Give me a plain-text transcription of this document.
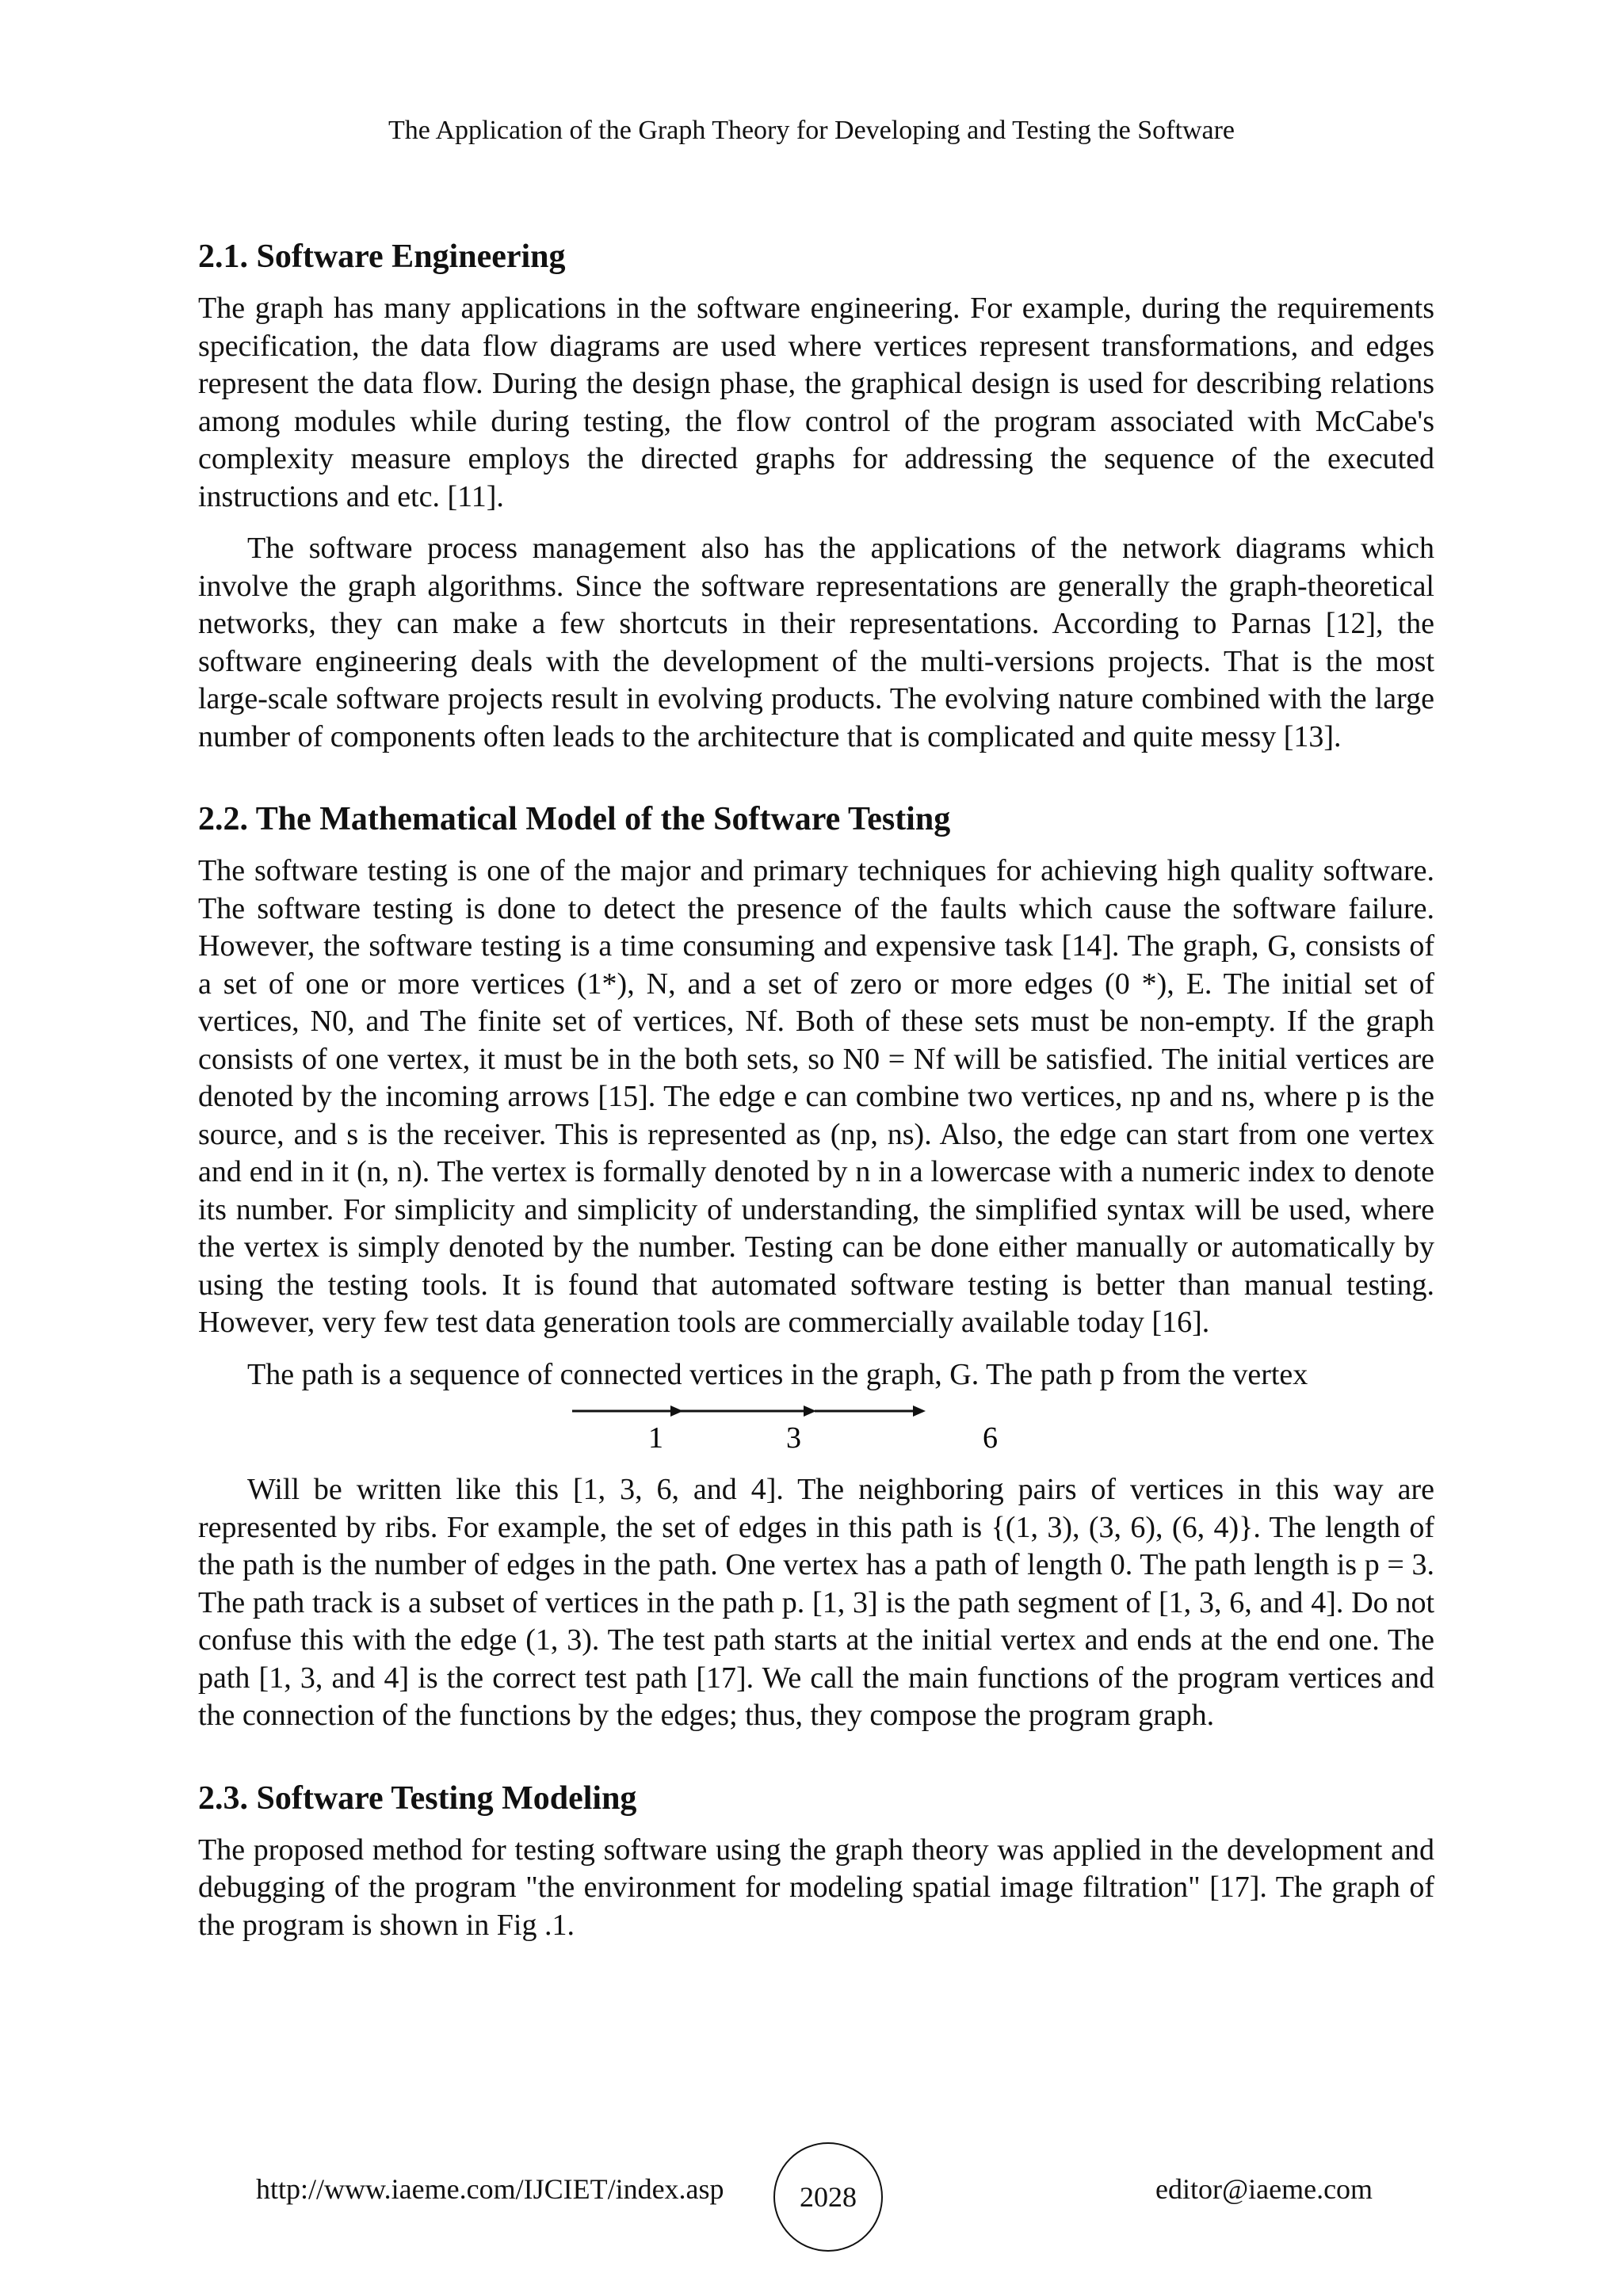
The Application of the Graph Theory for Developing and Testing the Software
2.1. Software Engineering

The graph has many applications in the software engineering. For example, during the requirements specification, the data flow diagrams are used where vertices represent transformations, and edges represent the data flow. During the design phase, the graphical design is used for describing relations among modules while during testing, the flow control of the program associated with McCabe's complexity measure employs the directed graphs for addressing the sequence of the executed instructions and etc. [11].

The software process management also has the applications of the network diagrams which involve the graph algorithms. Since the software representations are generally the graph-theoretical networks, they can make a few shortcuts in their representations. According to Parnas [12], the software engineering deals with the development of the multi-versions projects. That is the most large-scale software projects result in evolving products. The evolving nature combined with the large number of components often leads to the architecture that is complicated and quite messy [13].

2.2. The Mathematical Model of the Software Testing

The software testing is one of the major and primary techniques for achieving high quality software. The software testing is done to detect the presence of the faults which cause the software failure. However, the software testing is a time consuming and expensive task [14]. The graph, G, consists of a set of one or more vertices (1*), N, and a set of zero or more edges (0 *), E. The initial set of vertices, N0, and The finite set of vertices, Nf. Both of these sets must be non-empty. If the graph consists of one vertex, it must be in the both sets, so N0 = Nf will be satisfied. The initial vertices are denoted by the incoming arrows [15]. The edge e can combine two vertices, np and ns, where p is the source, and s is the receiver. This is represented as (np, ns). Also, the edge can start from one vertex and end in it (n, n). The vertex is formally denoted by n in a lowercase with a numeric index to denote its number. For simplicity and simplicity of understanding, the simplified syntax will be used, where the vertex is simply denoted by the number. Testing can be done either manually or automatically by using the testing tools. It is found that automated software testing is better than manual testing. However, very few test data generation tools are commercially available today [16].

The path is a sequence of connected vertices in the graph, G. The path p from the vertex

1	3	6

Will be written like this [1, 3, 6, and 4]. The neighboring pairs of vertices in this way are represented by ribs. For example, the set of edges in this path is {(1, 3), (3, 6), (6, 4)}. The length of the path is the number of edges in the path. One vertex has a path of length 0. The path length is p = 3. The path track is a subset of vertices in the path p. [1, 3] is the path segment of [1, 3, 6, and 4]. Do not confuse this with the edge (1, 3). The test path starts at the initial vertex and ends at the end one. The path [1, 3, and 4] is the correct test path [17]. We call the main functions of the program vertices and the connection of the functions by the edges; thus, they compose the program graph.

2.3. Software Testing Modeling

The proposed method for testing software using the graph theory was applied in the development and debugging of the program "the environment for modeling spatial image filtration" [17]. The graph of the program is shown in Fig .1.

http://www.iaeme.com/IJCIET/index.asp	2028	editor@iaeme.com
